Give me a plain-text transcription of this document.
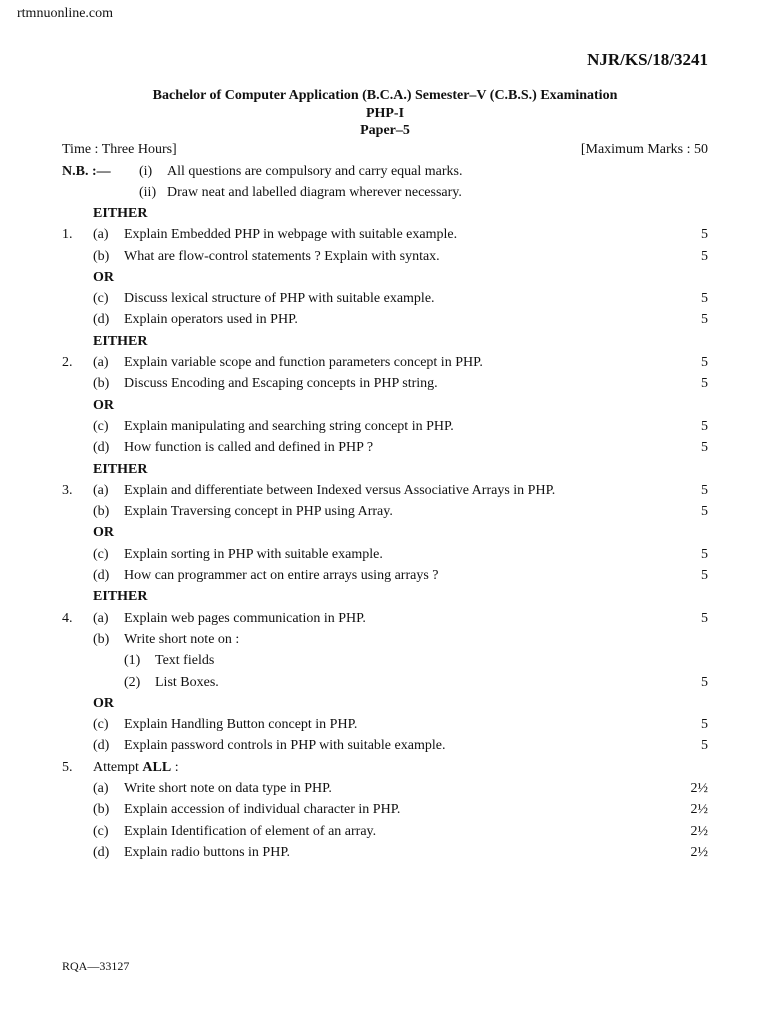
rtmnuonline.com
NJR/KS/18/3241
Bachelor of Computer Application (B.C.A.) Semester–V (C.B.S.) Examination
PHP-I
Paper–5
Time : Three Hours]	[Maximum Marks : 50
N.B. :— (i) All questions are compulsory and carry equal marks.
(ii) Draw neat and labelled diagram wherever necessary.
EITHER
1. (a) Explain Embedded PHP in webpage with suitable example.	5
(b) What are flow-control statements ? Explain with syntax.	5
OR
(c) Discuss lexical structure of PHP with suitable example.	5
(d) Explain operators used in PHP.	5
EITHER
2. (a) Explain variable scope and function parameters concept in PHP.	5
(b) Discuss Encoding and Escaping concepts in PHP string.	5
OR
(c) Explain manipulating and searching string concept in PHP.	5
(d) How function is called and defined in PHP ?	5
EITHER
3. (a) Explain and differentiate between Indexed versus Associative Arrays in PHP.	5
(b) Explain Traversing concept in PHP using Array.	5
OR
(c) Explain sorting in PHP with suitable example.	5
(d) How can programmer act on entire arrays using arrays ?	5
EITHER
4. (a) Explain web pages communication in PHP.	5
(b) Write short note on :
(1) Text fields
(2) List Boxes.	5
OR
(c) Explain Handling Button concept in PHP.	5
(d) Explain password controls in PHP with suitable example.	5
5. Attempt ALL :
(a) Write short note on data type in PHP.	2½
(b) Explain accession of individual character in PHP.	2½
(c) Explain Identification of element of an array.	2½
(d) Explain radio buttons in PHP.	2½
RQA—33127
